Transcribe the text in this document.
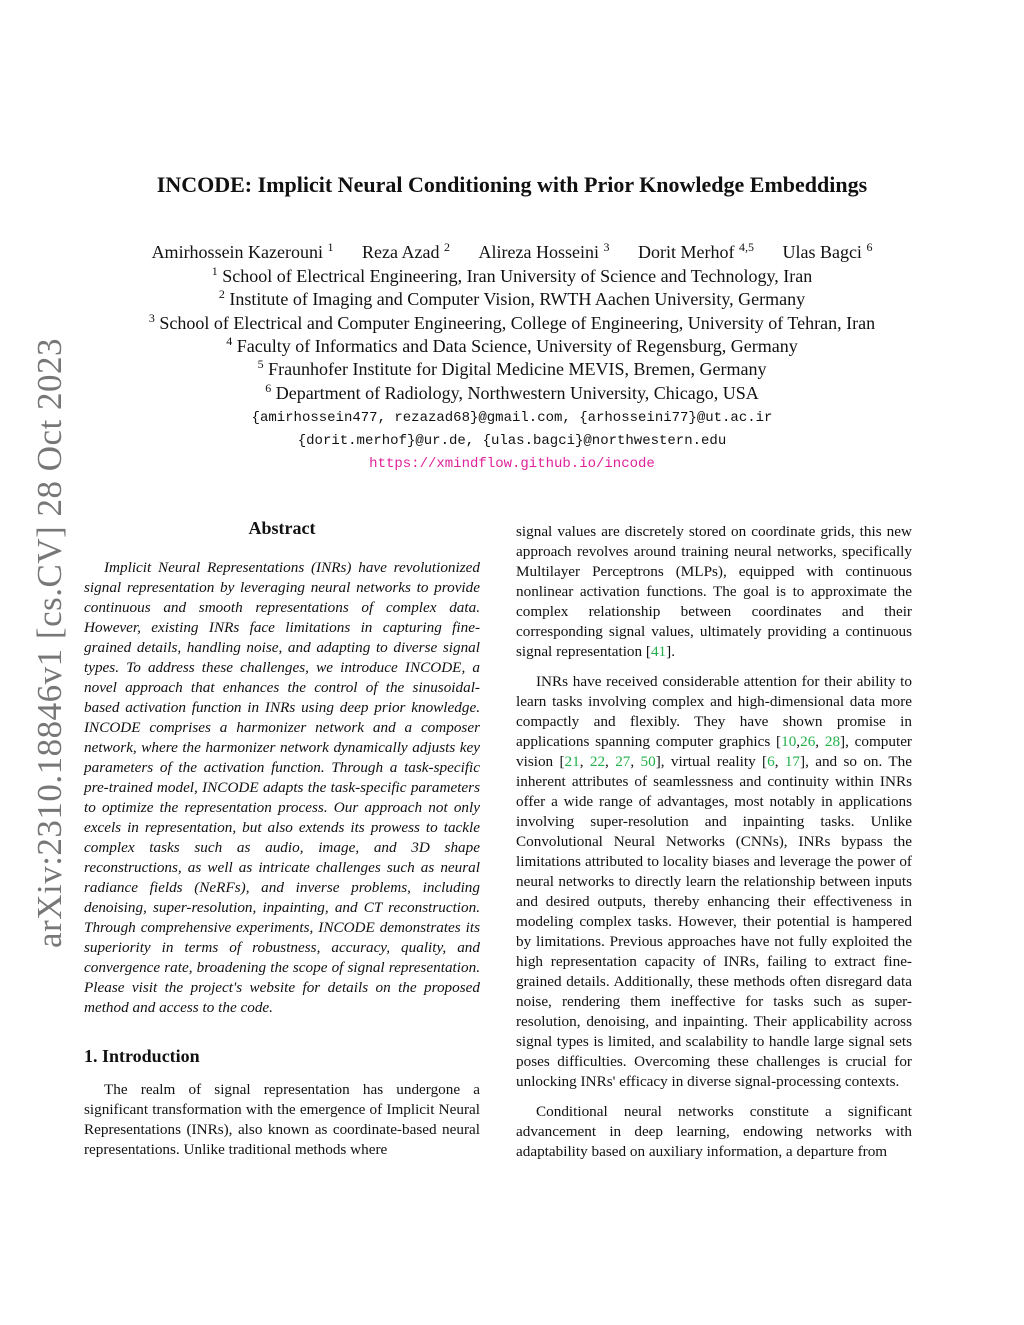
arXiv:2310.18846v1 [cs.CV] 28 Oct 2023
INCODE: Implicit Neural Conditioning with Prior Knowledge Embeddings
Amirhossein Kazerouni $^1$ Reza Azad $^2$ Alireza Hosseini $^3$ Dorit Merhof $^{4,5}$ Ulas Bagci $^6$
$^1$ School of Electrical Engineering, Iran University of Science and Technology, Iran
$^2$ Institute of Imaging and Computer Vision, RWTH Aachen University, Germany
$^3$ School of Electrical and Computer Engineering, College of Engineering, University of Tehran, Iran
$^4$ Faculty of Informatics and Data Science, University of Regensburg, Germany
$^5$ Fraunhofer Institute for Digital Medicine MEVIS, Bremen, Germany
$^6$ Department of Radiology, Northwestern University, Chicago, USA
{amirhossein477, rezazad68}@gmail.com, {arhosseini77}@ut.ac.ir
{dorit.merhof}@ur.de, {ulas.bagci}@northwestern.edu
https://xmindflow.github.io/incode
Abstract

Implicit Neural Representations (INRs) have revolutionized signal representation by leveraging neural networks to provide continuous and smooth representations of complex data. However, existing INRs face limitations in capturing fine-grained details, handling noise, and adapting to diverse signal types. To address these challenges, we introduce INCODE, a novel approach that enhances the control of the sinusoidal-based activation function in INRs using deep prior knowledge. INCODE comprises a harmonizer network and a composer network, where the harmonizer network dynamically adjusts key parameters of the activation function. Through a task-specific pre-trained model, INCODE adapts the task-specific parameters to optimize the representation process. Our approach not only excels in representation, but also extends its prowess to tackle complex tasks such as audio, image, and 3D shape reconstructions, as well as intricate challenges such as neural radiance fields (NeRFs), and inverse problems, including denoising, super-resolution, inpainting, and CT reconstruction. Through comprehensive experiments, INCODE demonstrates its superiority in terms of robustness, accuracy, quality, and convergence rate, broadening the scope of signal representation. Please visit the project's website for details on the proposed method and access to the code.

1. Introduction

The realm of signal representation has undergone a significant transformation with the emergence of Implicit Neural Representations (INRs), also known as coordinate-based neural representations. Unlike traditional methods where

signal values are discretely stored on coordinate grids, this new approach revolves around training neural networks, specifically Multilayer Perceptrons (MLPs), equipped with continuous nonlinear activation functions. The goal is to approximate the complex relationship between coordinates and their corresponding signal values, ultimately providing a continuous signal representation [41].

INRs have received considerable attention for their ability to learn tasks involving complex and high-dimensional data more compactly and flexibly. They have shown promise in applications spanning computer graphics [10,26, 28], computer vision [21, 22, 27, 50], virtual reality [6, 17], and so on. The inherent attributes of seamlessness and continuity within INRs offer a wide range of advantages, most notably in applications involving super-resolution and inpainting tasks. Unlike Convolutional Neural Networks (CNNs), INRs bypass the limitations attributed to locality biases and leverage the power of neural networks to directly learn the relationship between inputs and desired outputs, thereby enhancing their effectiveness in modeling complex tasks. However, their potential is hampered by limitations. Previous approaches have not fully exploited the high representation capacity of INRs, failing to extract fine-grained details. Additionally, these methods often disregard data noise, rendering them ineffective for tasks such as super-resolution, denoising, and inpainting. Their applicability across signal types is limited, and scalability to handle large signal sets poses difficulties. Overcoming these challenges is crucial for unlocking INRs' efficacy in diverse signal-processing contexts.

Conditional neural networks constitute a significant advancement in deep learning, endowing networks with adaptability based on auxiliary information, a departure from
